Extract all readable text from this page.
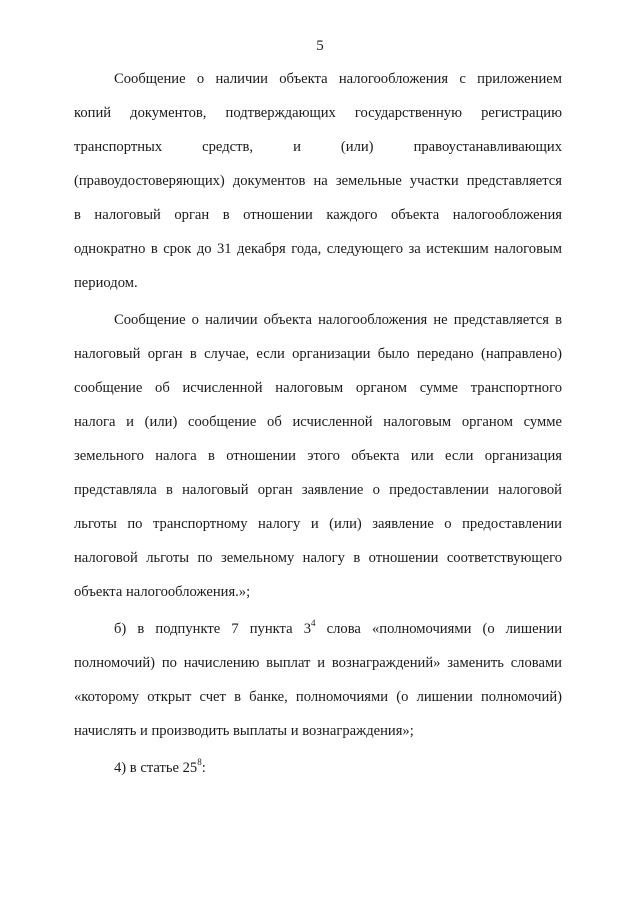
5
Сообщение о наличии объекта налогообложения с приложением
копий документов, подтверждающих государственную регистрацию
транспортных средств, и (или) правоустанавливающих
(правоудостоверяющих) документов на земельные участки представляется
в налоговый орган в отношении каждого объекта налогообложения
однократно в срок до 31 декабря года, следующего за истекшим налоговым
периодом.
Сообщение о наличии объекта налогообложения не представляется в
налоговый орган в случае, если организации было передано (направлено)
сообщение об исчисленной налоговым органом сумме транспортного
налога и (или) сообщение об исчисленной налоговым органом сумме
земельного налога в отношении этого объекта или если организация
представляла в налоговый орган заявление о предоставлении налоговой
льготы по транспортному налогу и (или) заявление о предоставлении
налоговой льготы по земельному налогу в отношении соответствующего
объекта налогообложения.»;
б) в подпункте 7 пункта $3^4$ слова «полномочиями (о лишении
полномочий) по начислению выплат и вознаграждений» заменить словами
«которому открыт счет в банке, полномочиями (о лишении полномочий)
начислять и производить выплаты и вознаграждения»;
4) в статье $25^8$:
